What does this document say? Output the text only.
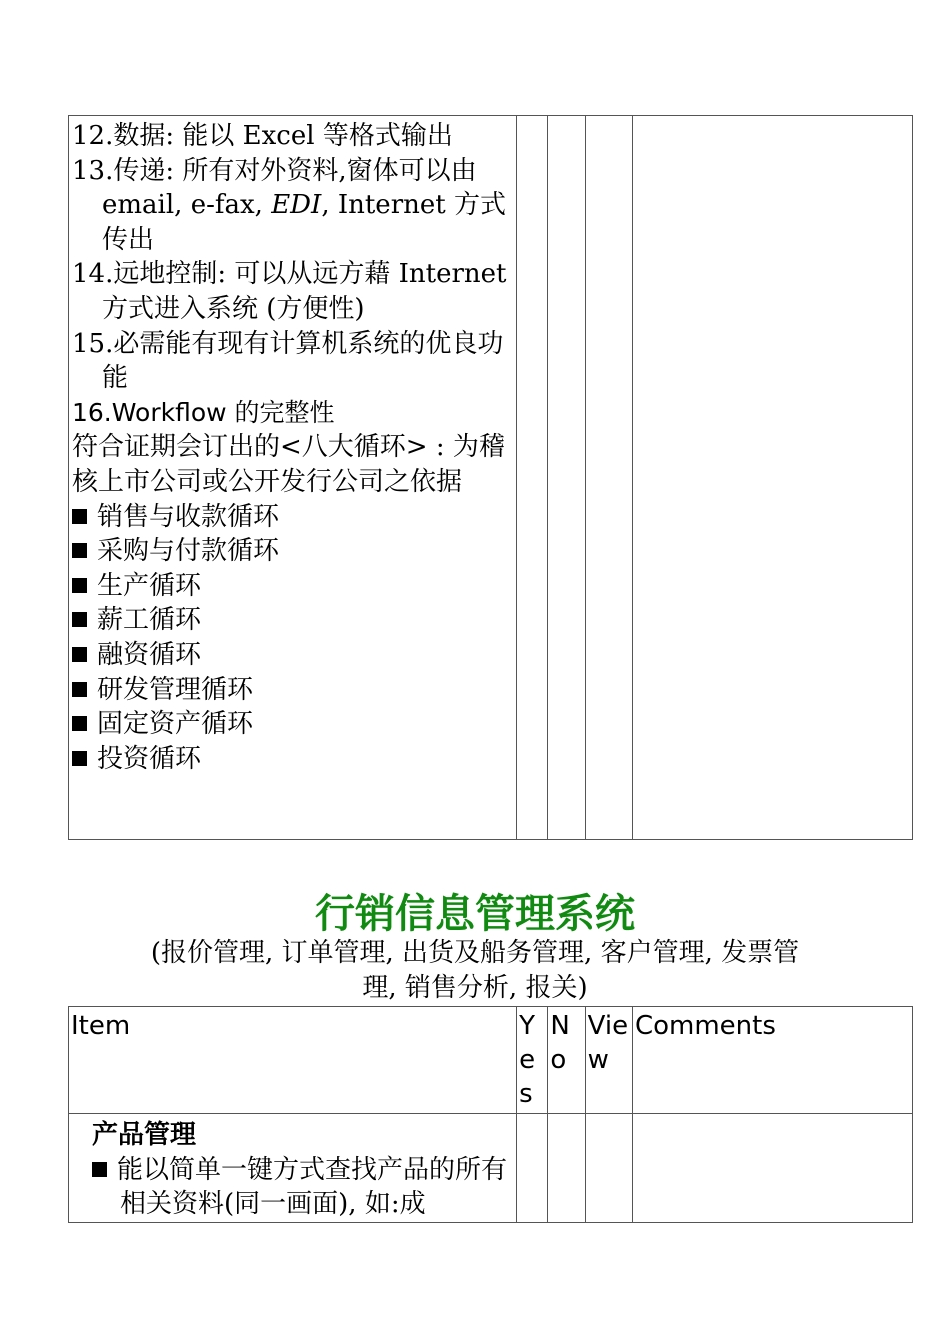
12.数据: 能以 Excel 等格式输出
13.传递: 所有对外资料,窗体可以由 email, e-fax, EDI, Internet 方式传出
14.远地控制: 可以从远方藉 Internet 方式进入系统 (方便性)
15.必需能有现有计算机系统的优良功能
16.Workflow 的完整性
符合证期会订出的<八大循环> : 为稽核上市公司或公开发行公司之依据
销售与收款循环
采购与付款循环
生产循环
薪工循环
融资循环
研发管理循环
固定资产循环
投资循环

行销信息管理系统
(报价管理, 订单管理, 出货及船务管理, 客户管理, 发票管理, 销售分析, 报关)
Item	Yes	No	View	Comments

产品管理
能以简单一键方式查找产品的所有相关资料(同一画面), 如:成				
